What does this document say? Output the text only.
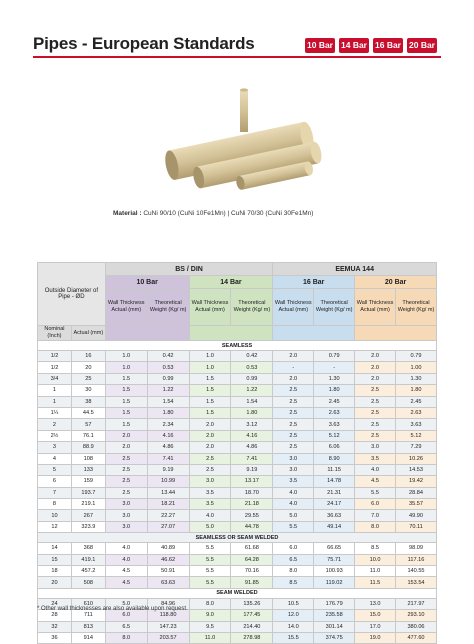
Pipes - European Standards	10 Bar 14 Bar 16 Bar 20 Bar
Material : CuNi 90/10 (CuNi 10Fe1Mn) | CuNi 70/30 (CuNi 30Fe1Mn)
Outside Diameter of Pipe - ØD		BS / DIN				EEMUA 144			
		10 Bar		14 Bar		16 Bar		20 Bar	
		Wall Thickness Actual (mm)	Theoretical Weight (Kg/ m)	Wall Thickness Actual (mm)	Theoretical Weight (Kg/ m)	Wall Thickness Actual (mm)	Theoretical Weight (Kg/ m)	Wall Thickness Actual (mm)	Theoretical Weight (Kg/ m)
Nominal (Inch)	Actual (mm)								
SEAMLESS									
1/2	16	1.0	0.42	1.0	0.42	2.0	0.79	2.0	0.79
1/2	20	1.0	0.53	1.0	0.53	-	-	2.0	1.00
3/4	25	1.5	0.99	1.5	0.99	2.0	1.30	2.0	1.30
1	30	1.5	1.22	1.5	1.22	2.5	1.80	2.5	1.80
1	38	1.5	1.54	1.5	1.54	2.5	2.45	2.5	2.45
1¼	44.5	1.5	1.80	1.5	1.80	2.5	2.63	2.5	2.63
2	57	1.5	2.34	2.0	3.12	2.5	3.63	2.5	3.63
2½	76.1	2.0	4.16	2.0	4.16	2.5	5.12	2.5	5.12
3	88.9	2.0	4.86	2.0	4.86	2.5	6.06	3.0	7.29
4	108	2.5	7.41	2.5	7.41	3.0	8.90	3.5	10.26
5	133	2.5	9.19	2.5	9.19	3.0	11.15	4.0	14.53
6	159	2.5	10.99	3.0	13.17	3.5	14.78	4.5	19.42
7	193.7	2.5	13.44	3.5	18.70	4.0	21.31	5.5	28.84
8	219.1	3.0	18.21	3.5	21.18	4.0	24.17	6.0	35.57
10	267	3.0	22.27	4.0	29.55	5.0	36.63	7.0	49.90
12	323.9	3.0	27.07	5.0	44.78	5.5	49.14	8.0	70.11
SEAMLESS OR SEAM WELDED									
14	368	4.0	40.89	5.5	61.68	6.0	66.65	8.5	98.09
15	419.1	4.0	46.62	5.5	64.28	6.5	75.71	10.0	117.16
18	457.2	4.5	50.91	5.5	70.16	8.0	100.93	11.0	140.55
20	508	4.5	63.63	5.5	91.85	8.5	119.02	11.5	153.54
SEAM WELDED									
24	610	5.0	84.96	8.0	135.26	10.5	176.79	13.0	217.97
28	711	6.0	118.80	9.0	177.45	12.0	235.58	15.0	293.10
32	813	6.5	147.23	9.5	214.40	14.0	301.14	17.0	380.06
36	914	8.0	203.57	11.0	278.98	15.5	374.75	19.0	477.60
* Other wall thicknesses are also available upon request.
